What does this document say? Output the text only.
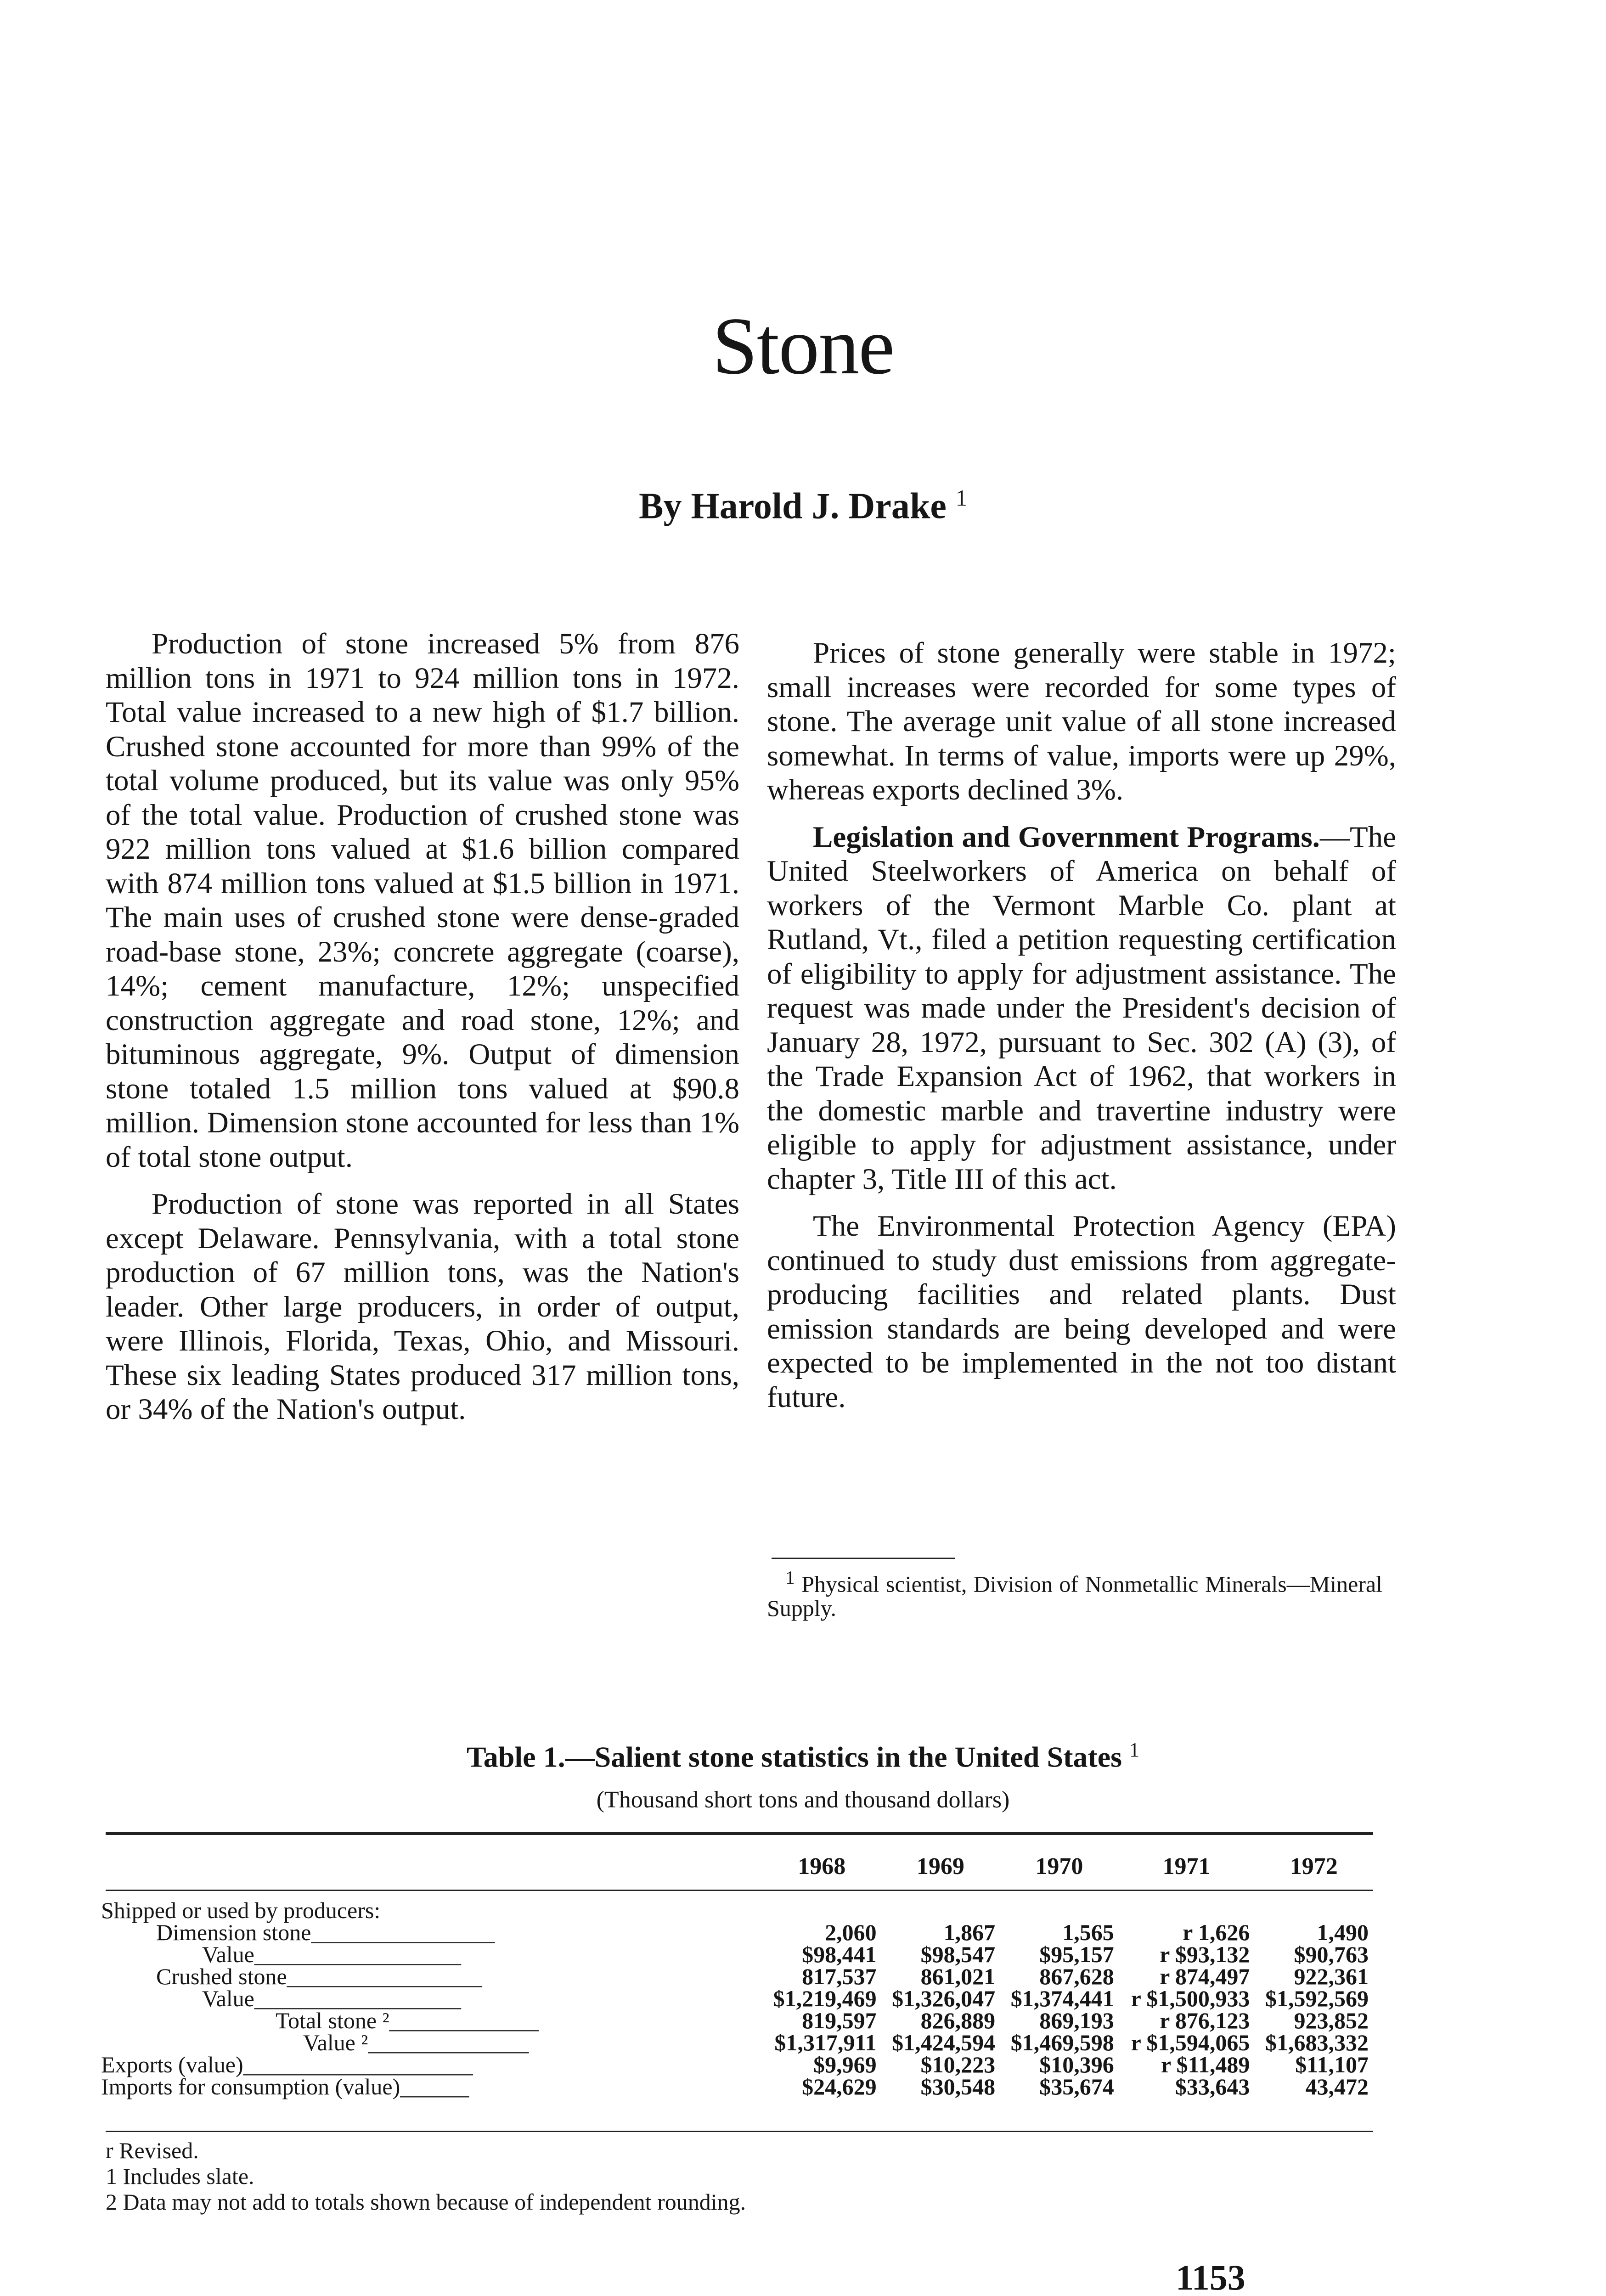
Stone
By Harold J. Drake $^1$

Production of stone increased 5% from 876 million tons in 1971 to 924 million tons in 1972. Total value increased to a new high of $1.7 billion. Crushed stone accounted for more than 99% of the total volume produced, but its value was only 95% of the total value. Production of crushed stone was 922 million tons valued at $1.6 billion compared with 874 million tons valued at $1.5 billion in 1971. The main uses of crushed stone were dense-graded road-base stone, 23%; concrete aggregate (coarse), 14%; cement manufacture, 12%; unspecified construction aggregate and road stone, 12%; and bituminous aggregate, 9%. Output of dimension stone totaled 1.5 million tons valued at $90.8 million. Dimension stone accounted for less than 1% of total stone output.

Production of stone was reported in all States except Delaware. Pennsylvania, with a total stone production of 67 million tons, was the Nation's leader. Other large producers, in order of output, were Illinois, Florida, Texas, Ohio, and Missouri. These six leading States produced 317 million tons, or 34% of the Nation's output.

Prices of stone generally were stable in 1972; small increases were recorded for some types of stone. The average unit value of all stone increased somewhat. In terms of value, imports were up 29%, whereas exports declined 3%.

Legislation and Government Programs.—The United Steelworkers of America on behalf of workers of the Vermont Marble Co. plant at Rutland, Vt., filed a petition requesting certification of eligibility to apply for adjustment assistance. The request was made under the President's decision of January 28, 1972, pursuant to Sec. 302 (A) (3), of the Trade Expansion Act of 1962, that workers in the domestic marble and travertine industry were eligible to apply for adjustment assistance, under chapter 3, Title III of this act.

The Environmental Protection Agency (EPA) continued to study dust emissions from aggregate-producing facilities and related plants. Dust emission standards are being developed and were expected to be implemented in the not too distant future.

$^1$ Physical scientist, Division of Nonmetallic Minerals—Mineral Supply.

Table 1.—Salient stone statistics in the United States $^1$
(Thousand short tons and thousand dollars)
	1968	1969	1970	1971	1972
Shipped or used by producers:					
Dimension stone________________	2,060	1,867	1,565	r 1,626	1,490
Value__________________	$98,441	$98,547	$95,157	r $93,132	$90,763
Crushed stone_________________	817,537	861,021	867,628	r 874,497	922,361
Value__________________	$1,219,469	$1,326,047	$1,374,441	r $1,500,933	$1,592,569
Total stone ²_____________	819,597	826,889	869,193	r 876,123	923,852
Value ²______________	$1,317,911	$1,424,594	$1,469,598	r $1,594,065	$1,683,332
Exports (value)____________________	$9,969	$10,223	$10,396	r $11,489	$11,107
Imports for consumption (value)______	$24,629	$30,548	$35,674	$33,643	43,472

r Revised.

1 Includes slate.

2 Data may not add to totals shown because of independent rounding.

1153
